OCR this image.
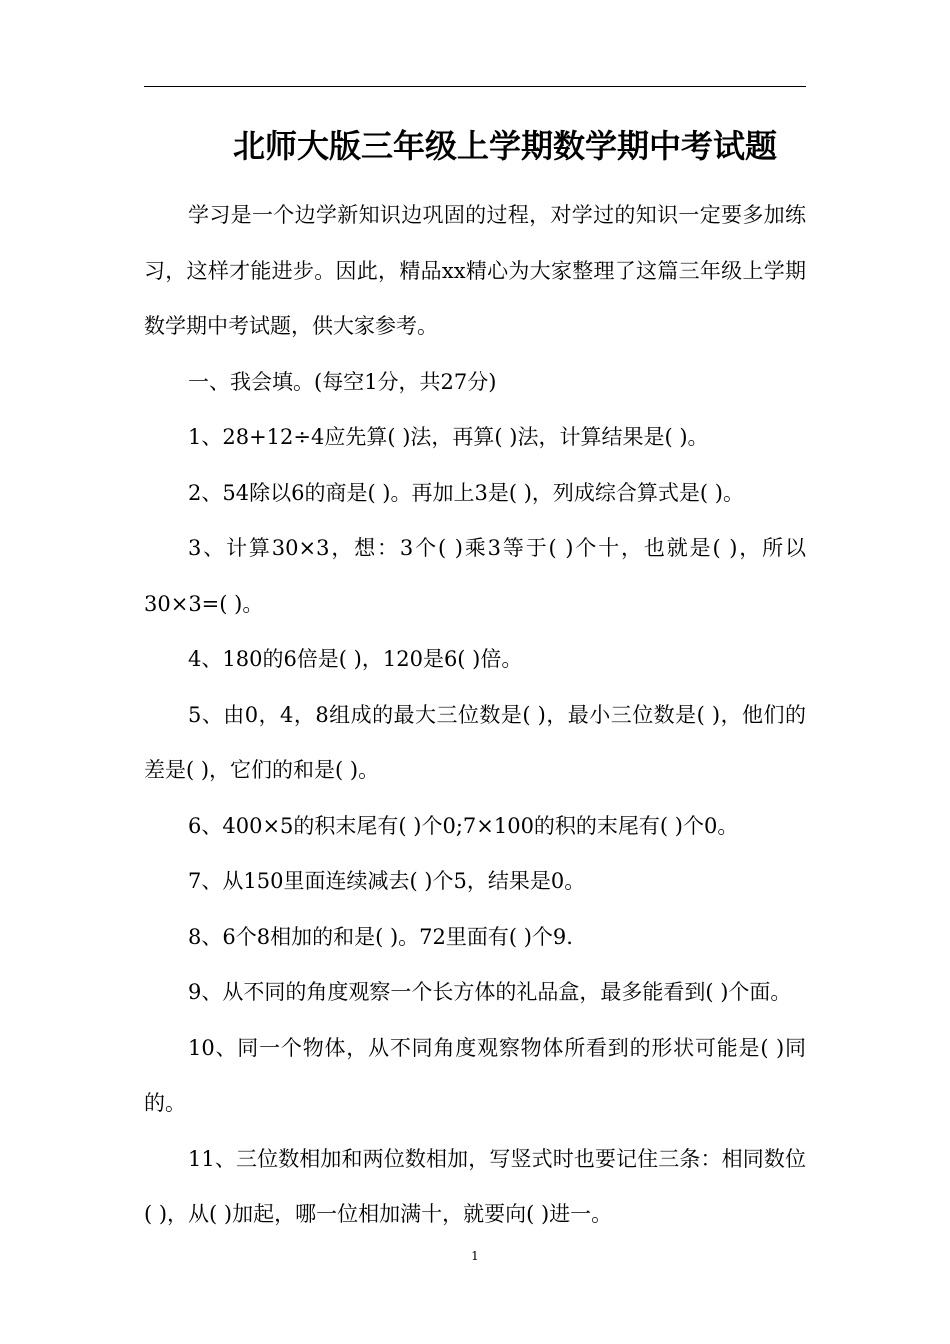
北师大版三年级上学期数学期中考试题

学习是一个边学新知识边巩固的过程，对学过的知识一定要多加练习，这样才能进步。因此，精品xx精心为大家整理了这篇三年级上学期数学期中考试题，供大家参考。

一、我会填。(每空1分，共27分)

1、28+12÷4应先算( )法，再算( )法，计算结果是( )。

2、54除以6的商是( )。再加上3是( )，列成综合算式是( )。

3、计算30×3，想：3个( )乘3等于( )个十，也就是( )，所以30×3=( )。

4、180的6倍是( )，120是6( )倍。

5、由0，4，8组成的最大三位数是( )，最小三位数是( )，他们的差是( )，它们的和是( )。

6、400×5的积末尾有( )个0;7×100的积的末尾有( )个0。

7、从150里面连续减去( )个5，结果是0。

8、6个8相加的和是( )。72里面有( )个9.

9、从不同的角度观察一个长方体的礼品盒，最多能看到( )个面。

10、同一个物体，从不同角度观察物体所看到的形状可能是( )同的。

11、三位数相加和两位数相加，写竖式时也要记住三条：相同数位( )，从( )加起，哪一位相加满十，就要向( )进一。

1
